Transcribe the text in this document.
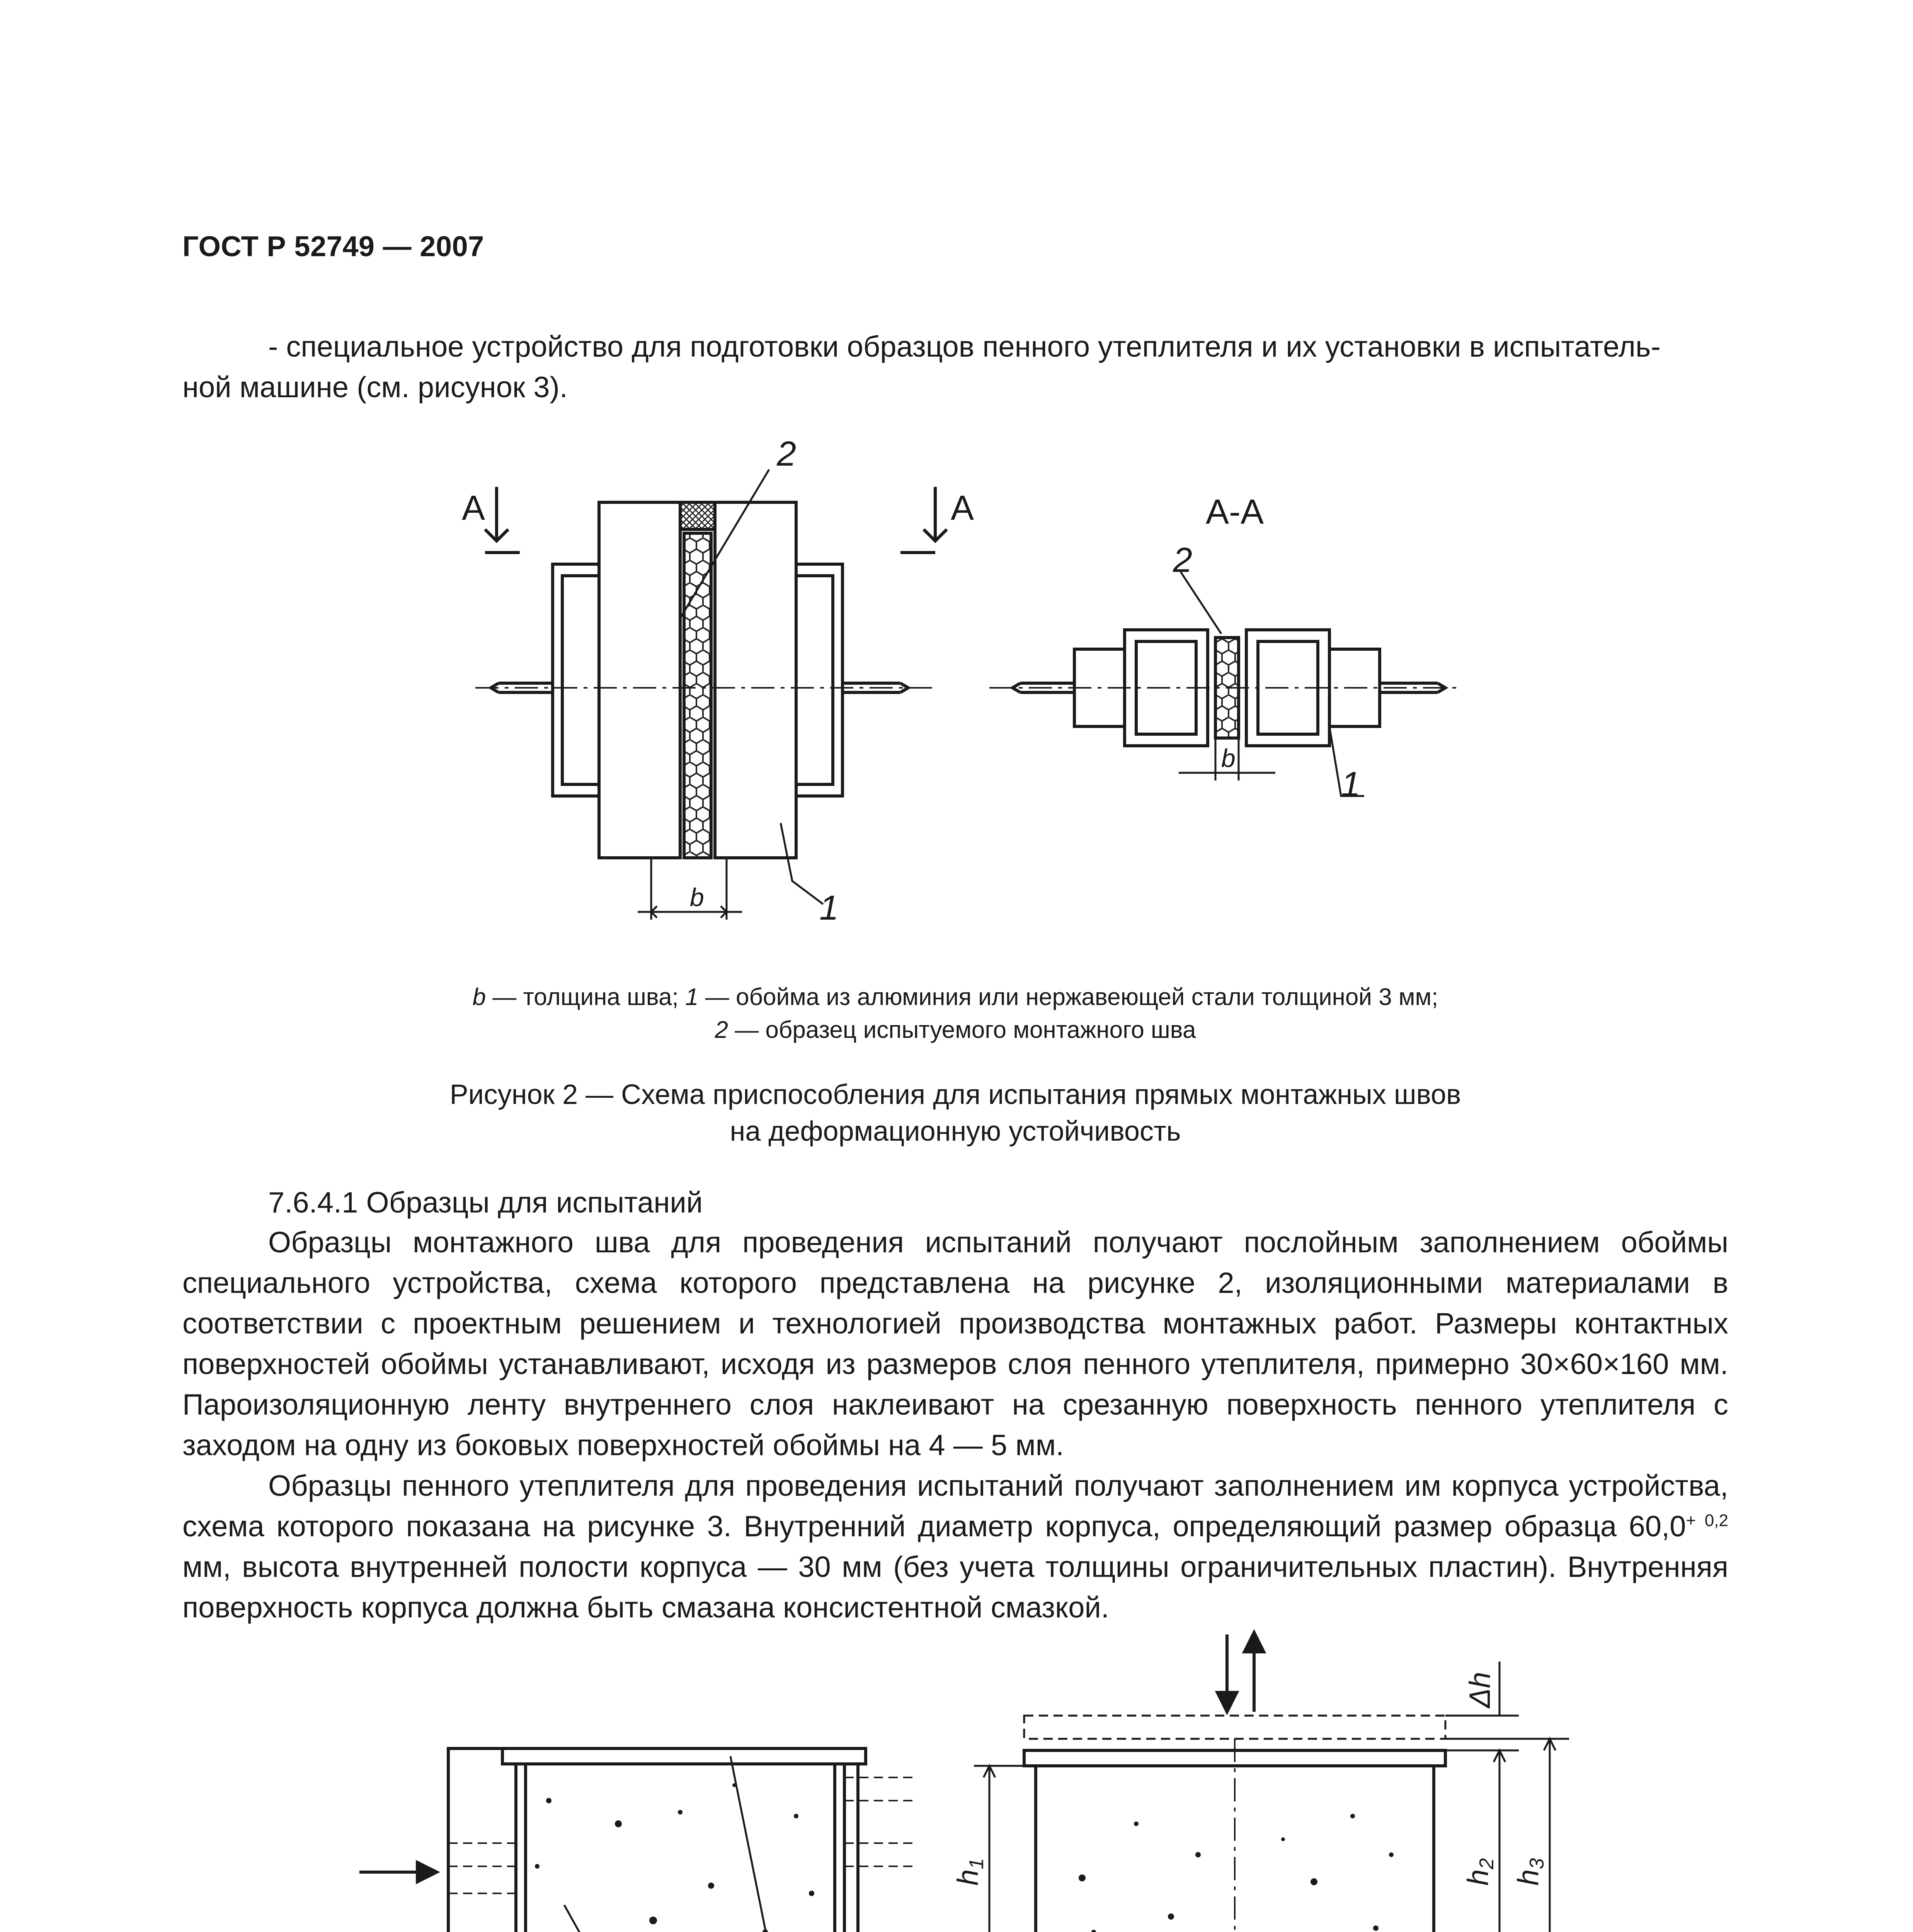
ГОСТ Р 52749 — 2007
- специальное устройство для подготовки образцов пенного утеплителя и их установки в испытатель-
ной машине (см. рисунок 3).
A	A	A-A
2
2
1
1
b
b
b — толщина шва; 1 — обойма из алюминия или нержавеющей стали толщиной 3 мм;
2 — образец испытуемого монтажного шва
Рисунок 2 — Схема приспособления для испытания прямых монтажных швов
на деформационную устойчивость
7.6.4.1 Образцы для испытаний
Образцы монтажного шва для проведения испытаний получают послойным заполнением обоймы специального устройства, схема которого представлена на рисунке 2, изоляционными материалами в соответствии с проектным решением и технологией производства монтажных работ. Размеры контактных поверхностей обоймы устанавливают, исходя из размеров слоя пенного утеплителя, примерно 30×60×160 мм. Пароизоляционную ленту внутреннего слоя наклеивают на срезанную поверхность пенного утеплителя с заходом на одну из боковых поверхностей обоймы на 4 — 5 мм.
Образцы пенного утеплителя для проведения испытаний получают заполнением им корпуса устройства, схема которого показана на рисунке 3. Внутренний диаметр корпуса, определяющий размер образца $60,0^{+ 0,2}$ мм, высота внутренней полости корпуса — 30 мм (без учета толщины ограничительных пластин). Внутренняя поверхность корпуса должна быть смазана консистентной смазкой.
h1
h2
h3
Δh
